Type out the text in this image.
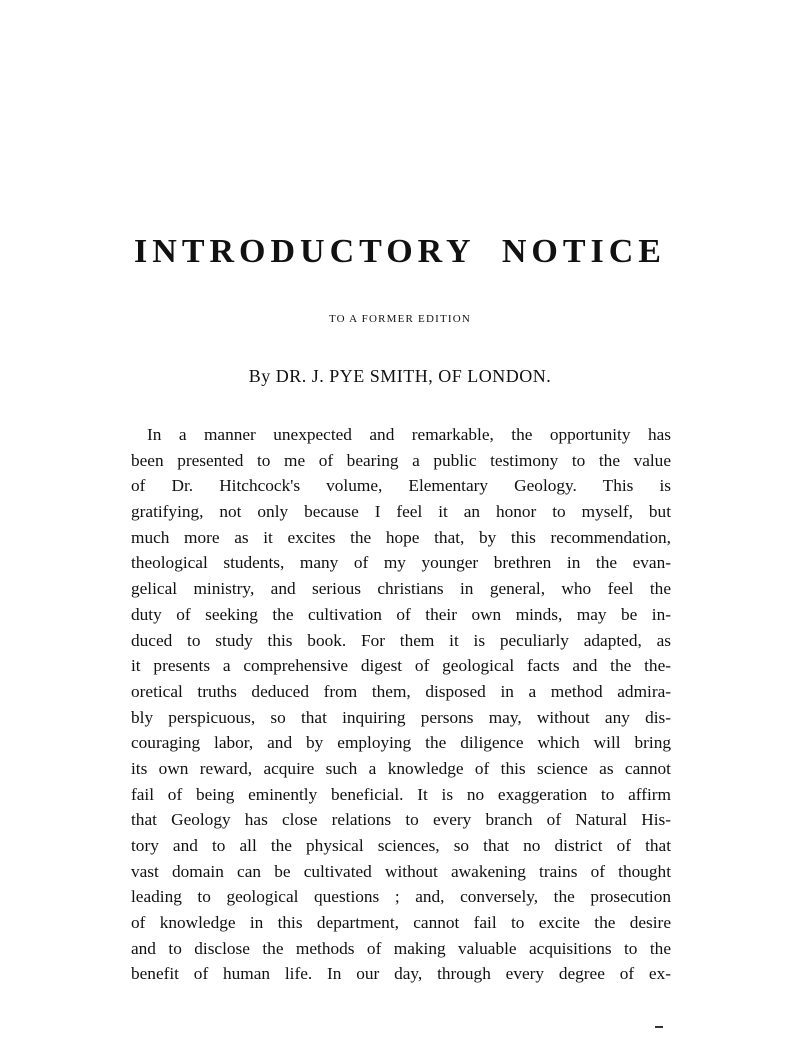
INTRODUCTORY NOTICE
TO A FORMER EDITION
By DR. J. PYE SMITH, OF LONDON.
In a manner unexpected and remarkable, the opportunity has
been presented to me of bearing a public testimony to the value
of Dr. Hitchcock's volume, Elementary Geology. This is
gratifying, not only because I feel it an honor to myself, but
much more as it excites the hope that, by this recommendation,
theological students, many of my younger brethren in the evan-
gelical ministry, and serious christians in general, who feel the
duty of seeking the cultivation of their own minds, may be in-
duced to study this book. For them it is peculiarly adapted, as
it presents a comprehensive digest of geological facts and the the-
oretical truths deduced from them, disposed in a method admira-
bly perspicuous, so that inquiring persons may, without any dis-
couraging labor, and by employing the diligence which will bring
its own reward, acquire such a knowledge of this science as cannot
fail of being eminently beneficial. It is no exaggeration to affirm
that Geology has close relations to every branch of Natural His-
tory and to all the physical sciences, so that no district of that
vast domain can be cultivated without awakening trains of thought
leading to geological questions ; and, conversely, the prosecution
of knowledge in this department, cannot fail to excite the desire
and to disclose the methods of making valuable acquisitions to the
benefit of human life. In our day, through every degree of ex-
